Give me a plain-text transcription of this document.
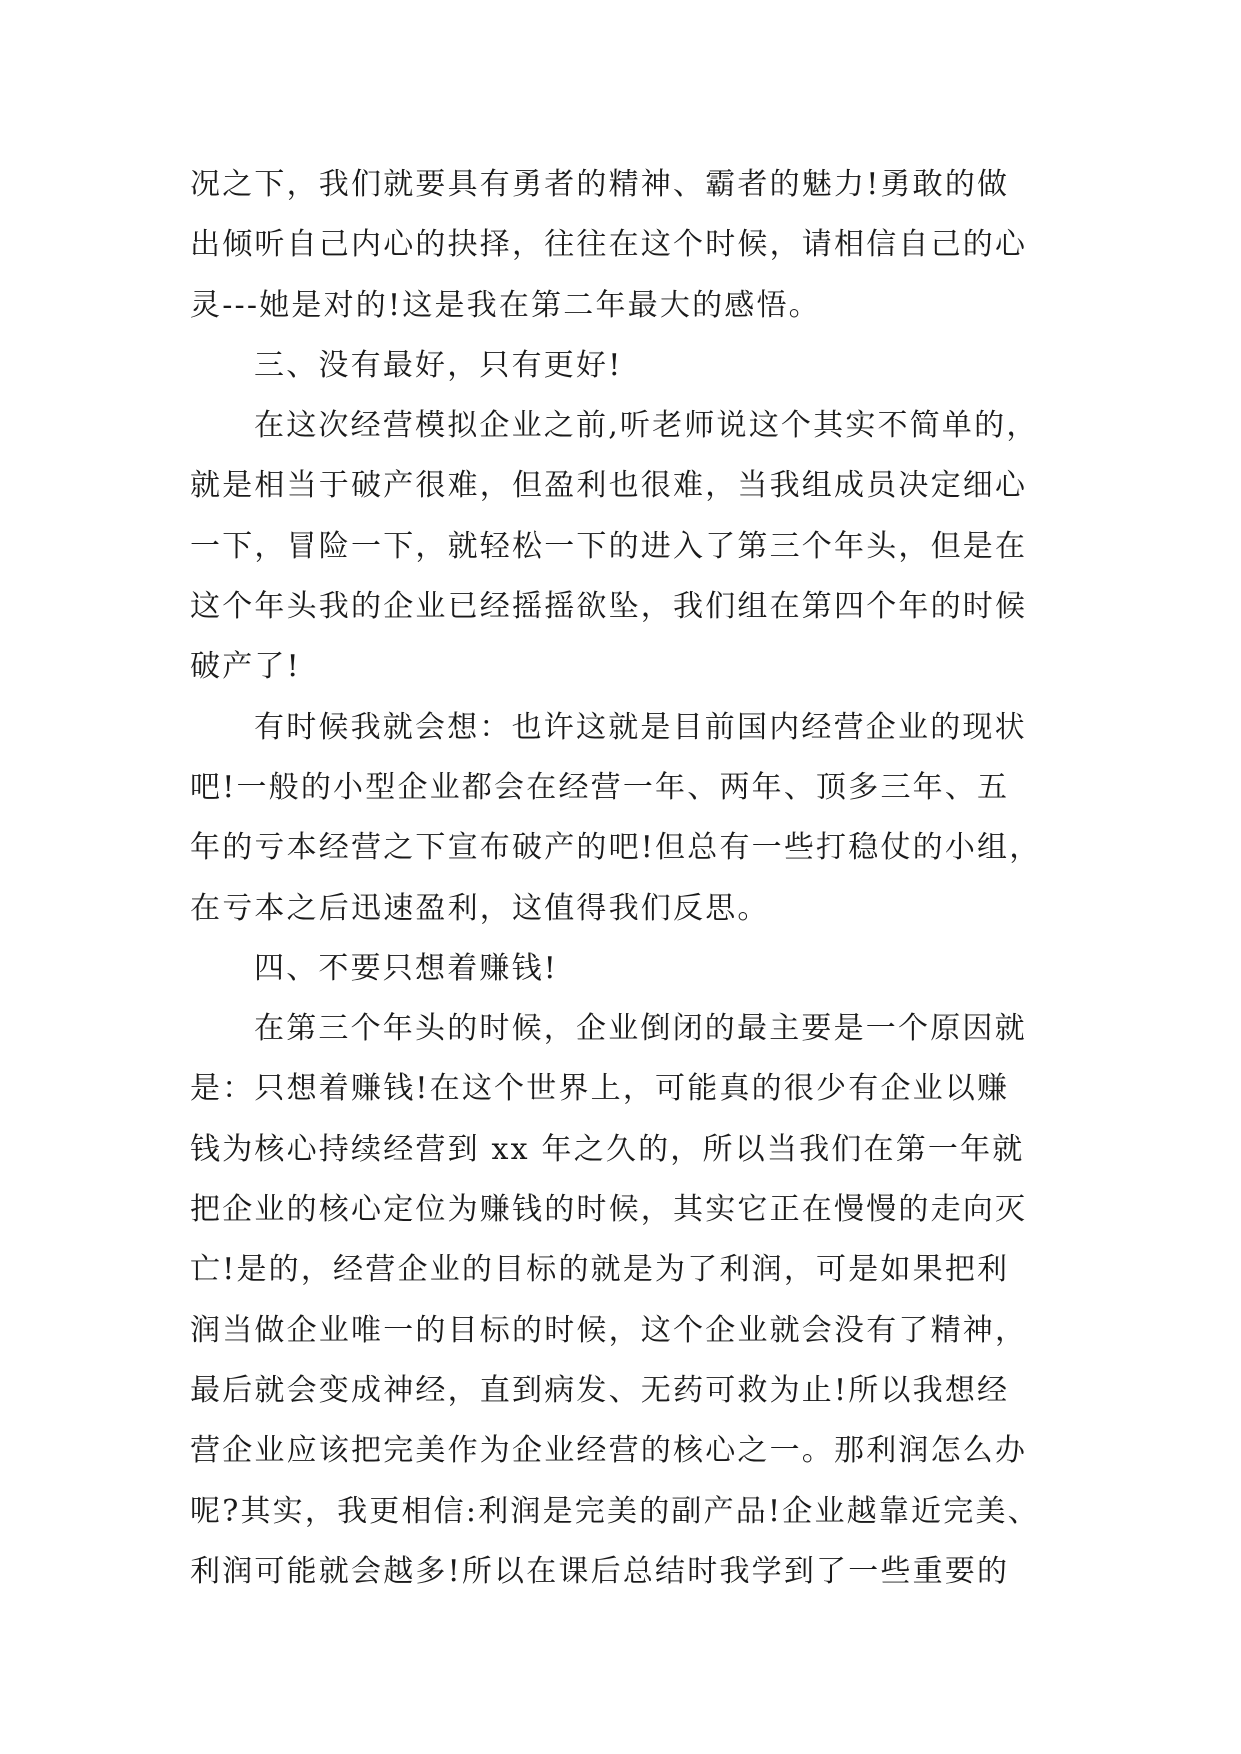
况之下，我们就要具有勇者的精神、霸者的魅力!勇敢的做
出倾听自己内心的抉择，往往在这个时候，请相信自己的心
灵---她是对的!这是我在第二年最大的感悟。
三、没有最好，只有更好!
在这次经营模拟企业之前,听老师说这个其实不简单的，
就是相当于破产很难，但盈利也很难，当我组成员决定细心
一下，冒险一下，就轻松一下的进入了第三个年头，但是在
这个年头我的企业已经摇摇欲坠，我们组在第四个年的时候
破产了!
有时候我就会想：也许这就是目前国内经营企业的现状
吧!一般的小型企业都会在经营一年、两年、顶多三年、五
年的亏本经营之下宣布破产的吧!但总有一些打稳仗的小组，
在亏本之后迅速盈利，这值得我们反思。
四、不要只想着赚钱!
在第三个年头的时候，企业倒闭的最主要是一个原因就
是：只想着赚钱!在这个世界上，可能真的很少有企业以赚
钱为核心持续经营到 xx 年之久的，所以当我们在第一年就
把企业的核心定位为赚钱的时候，其实它正在慢慢的走向灭
亡!是的，经营企业的目标的就是为了利润，可是如果把利
润当做企业唯一的目标的时候，这个企业就会没有了精神，
最后就会变成神经，直到病发、无药可救为止!所以我想经
营企业应该把完美作为企业经营的核心之一。那利润怎么办
呢?其实，我更相信:利润是完美的副产品!企业越靠近完美、
利润可能就会越多!所以在课后总结时我学到了一些重要的
